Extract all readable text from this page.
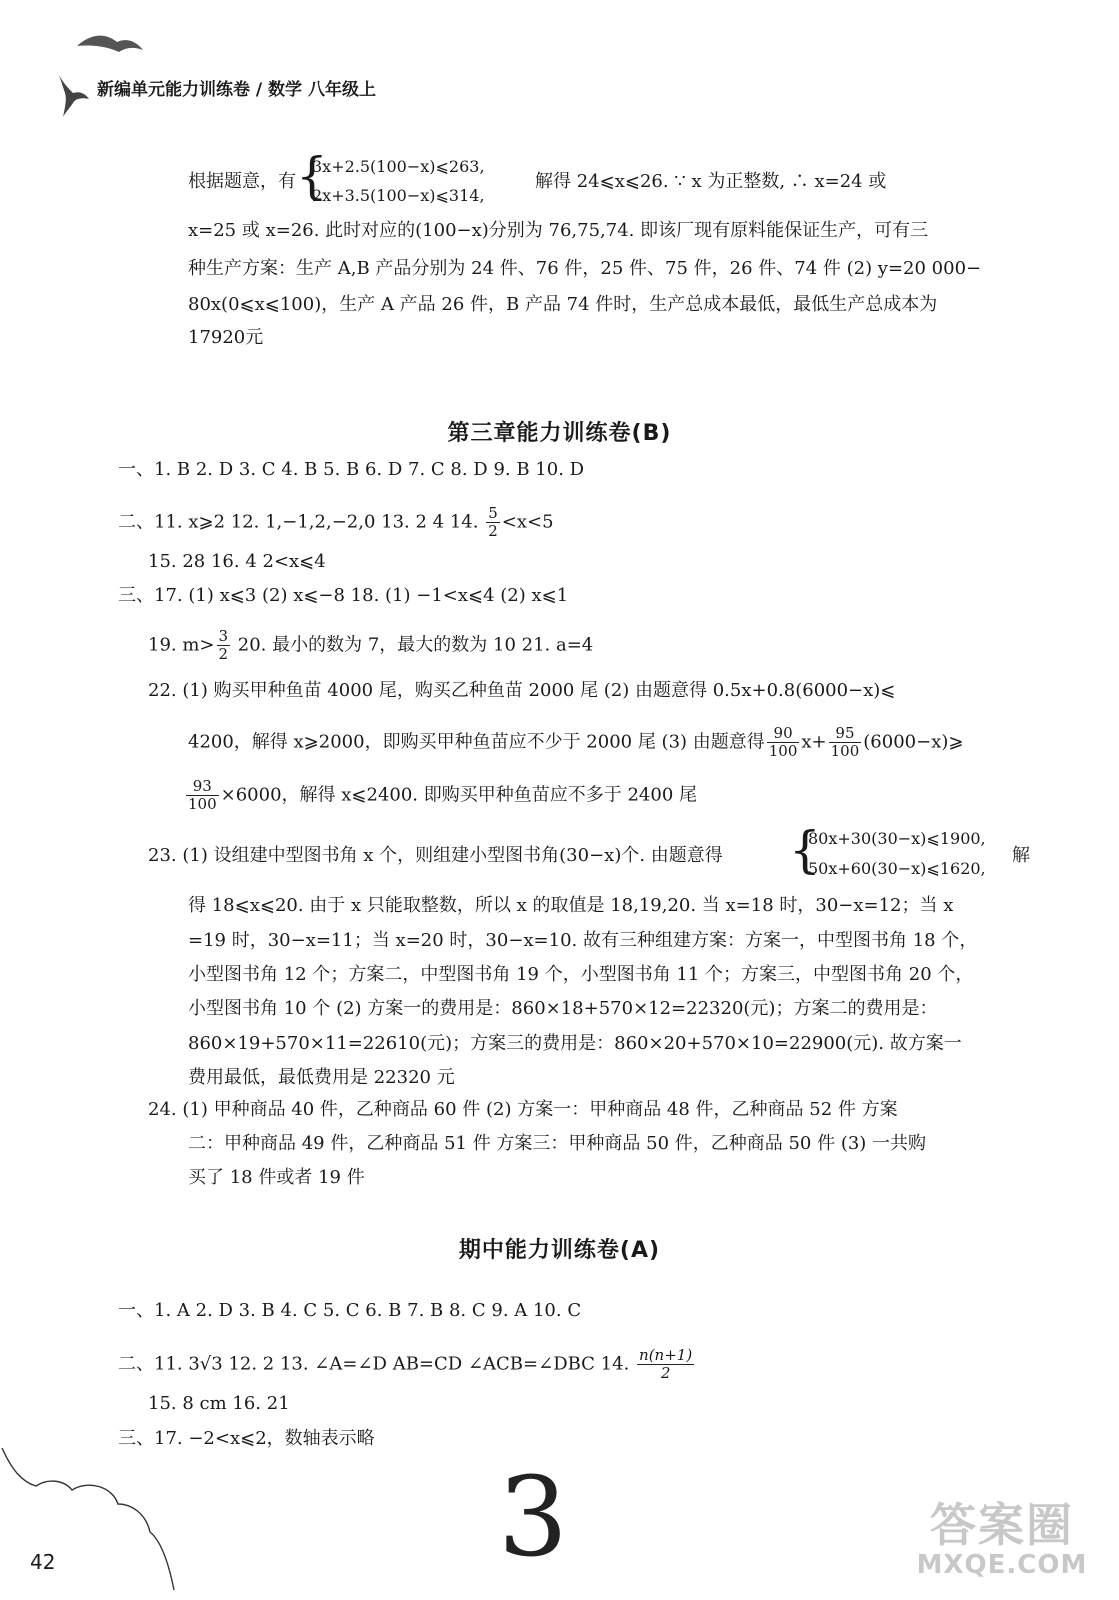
新编单元能力训练卷 / 数学 八年级上
根据题意，有 {
3x+2.5(100−x)⩽263,
2x+3.5(100−x)⩽314,
解得 24⩽x⩽26. ∵ x 为正整数, ∴ x=24 或
x=25 或 x=26. 此时对应的(100−x)分别为 76,75,74. 即该厂现有原料能保证生产，可有三
种生产方案：生产 A,B 产品分别为 24 件、76 件，25 件、75 件，26 件、74 件 (2) y=20 000−
80x(0⩽x⩽100)，生产 A 产品 26 件，B 产品 74 件时，生产总成本最低，最低生产总成本为
17920元
第三章能力训练卷(B)
一、1. B 2. D 3. C 4. B 5. B 6. D 7. C 8. D 9. B 10. D
二、11. x⩾2 12. 1,−1,2,−2,0 13. 2 4 14. $\frac{5}{2} <x<5$
15. 28 16. 4 2<x⩽4
三、17. (1) x⩽3 (2) x⩽−8 18. (1) −1<x⩽4 (2) x⩽1
19. $m> \frac{3}{2} 20$. 最小的数为 7，最大的数为 10 21. a=4
22. (1) 购买甲种鱼苗 4000 尾，购买乙种鱼苗 2000 尾 (2) 由题意得 0.5x+0.8(6000−x)⩽
4200，解得 x⩾2000，即购买甲种鱼苗应不少于 2000 尾 (3) 由题意得 $\frac{90}{100} x+ \frac{95}{100}$ (6000−x)⩾
$\frac{93}{100} \times 6000$，解得 x⩽2400. 即购买甲种鱼苗应不多于 2400 尾
23. (1) 设组建中型图书角 x 个，则组建小型图书角(30−x)个. 由题意得 {
80x+30(30−x)⩽1900,
50x+60(30−x)⩽1620,
解
得 18⩽x⩽20. 由于 x 只能取整数，所以 x 的取值是 18,19,20. 当 x=18 时，30−x=12；当 x
=19 时，30−x=11；当 x=20 时，30−x=10. 故有三种组建方案：方案一，中型图书角 18 个，
小型图书角 12 个；方案二，中型图书角 19 个，小型图书角 11 个；方案三，中型图书角 20 个，
小型图书角 10 个 (2) 方案一的费用是：860×18+570×12=22320(元)；方案二的费用是：
860×19+570×11=22610(元)；方案三的费用是：860×20+570×10=22900(元). 故方案一
费用最低，最低费用是 22320 元
24. (1) 甲种商品 40 件，乙种商品 60 件 (2) 方案一：甲种商品 48 件，乙种商品 52 件 方案
二：甲种商品 49 件，乙种商品 51 件 方案三：甲种商品 50 件，乙种商品 50 件 (3) 一共购
买了 18 件或者 19 件
期中能力训练卷(A)
一、1. A 2. D 3. B 4. C 5. C 6. B 7. B 8. C 9. A 10. C
二、11. 3√3 12. 2 13. ∠A=∠D AB=CD ∠ACB=∠DBC 14. $\frac{n(n+1)}{2}$
15. 8 cm 16. 21
三、17. −2<x⩽2，数轴表示略
42	3	答案圈
MXQE.COM
